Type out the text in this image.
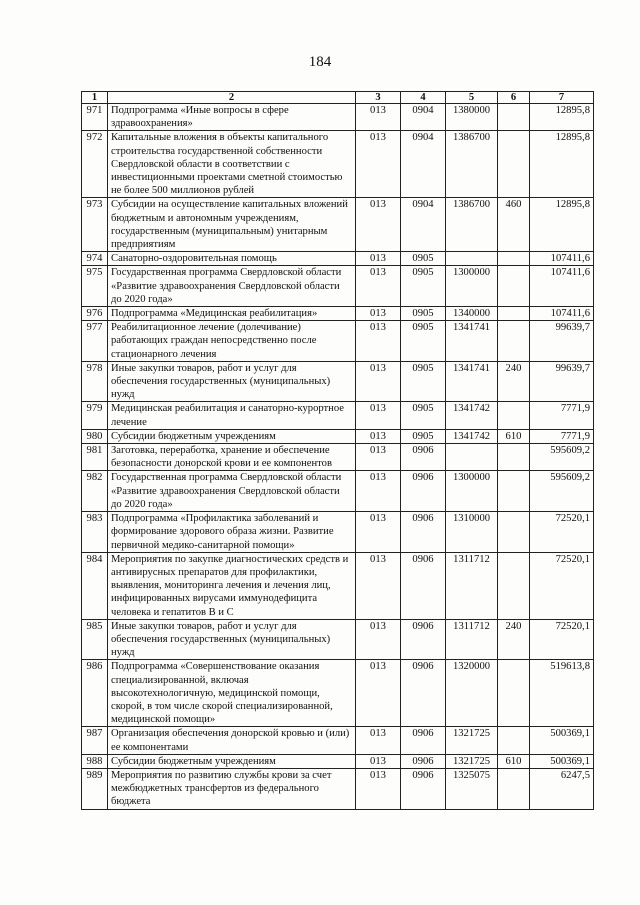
184
1	2	3	4	5	6	7
971	Подпрограмма «Иные вопросы в сфере здравоохранения»	013	0904	1380000		12895,8
972	Капитальные вложения в объекты капитального строительства государственной собственности Свердловской области в соответствии с инвестиционными проектами сметной стоимостью не более 500 миллионов рублей	013	0904	1386700		12895,8
973	Субсидии на осуществление капитальных вложений бюджетным и автономным учреждениям, государственным (муниципальным) унитарным предприятиям	013	0904	1386700	460	12895,8
974	Санаторно-оздоровительная помощь	013	0905			107411,6
975	Государственная программа Свердловской области «Развитие здравоохранения Свердловской области до 2020 года»	013	0905	1300000		107411,6
976	Подпрограмма «Медицинская реабилитация»	013	0905	1340000		107411,6
977	Реабилитационное лечение (долечивание) работающих граждан непосредственно после стационарного лечения	013	0905	1341741		99639,7
978	Иные закупки товаров, работ и услуг для обеспечения государственных (муниципальных) нужд	013	0905	1341741	240	99639,7
979	Медицинская реабилитация и санаторно-курортное лечение	013	0905	1341742		7771,9
980	Субсидии бюджетным учреждениям	013	0905	1341742	610	7771,9
981	Заготовка, переработка, хранение и обеспечение безопасности донорской крови и ее компонентов	013	0906			595609,2
982	Государственная программа Свердловской области «Развитие здравоохранения Свердловской области до 2020 года»	013	0906	1300000		595609,2
983	Подпрограмма «Профилактика заболеваний и формирование здорового образа жизни. Развитие первичной медико-санитарной помощи»	013	0906	1310000		72520,1
984	Мероприятия по закупке диагностических средств и антивирусных препаратов для профилактики, выявления, мониторинга лечения и лечения лиц, инфицированных вирусами иммунодефицита человека и гепатитов В и С	013	0906	1311712		72520,1
985	Иные закупки товаров, работ и услуг для обеспечения государственных (муниципальных) нужд	013	0906	1311712	240	72520,1
986	Подпрограмма «Совершенствование оказания специализированной, включая высокотехнологичную, медицинской помощи, скорой, в том числе скорой специализированной, медицинской помощи»	013	0906	1320000		519613,8
987	Организация обеспечения донорской кровью и (или) ее компонентами	013	0906	1321725		500369,1
988	Субсидии бюджетным учреждениям	013	0906	1321725	610	500369,1
989	Мероприятия по развитию службы крови за счет межбюджетных трансфертов из федерального бюджета	013	0906	1325075		6247,5
